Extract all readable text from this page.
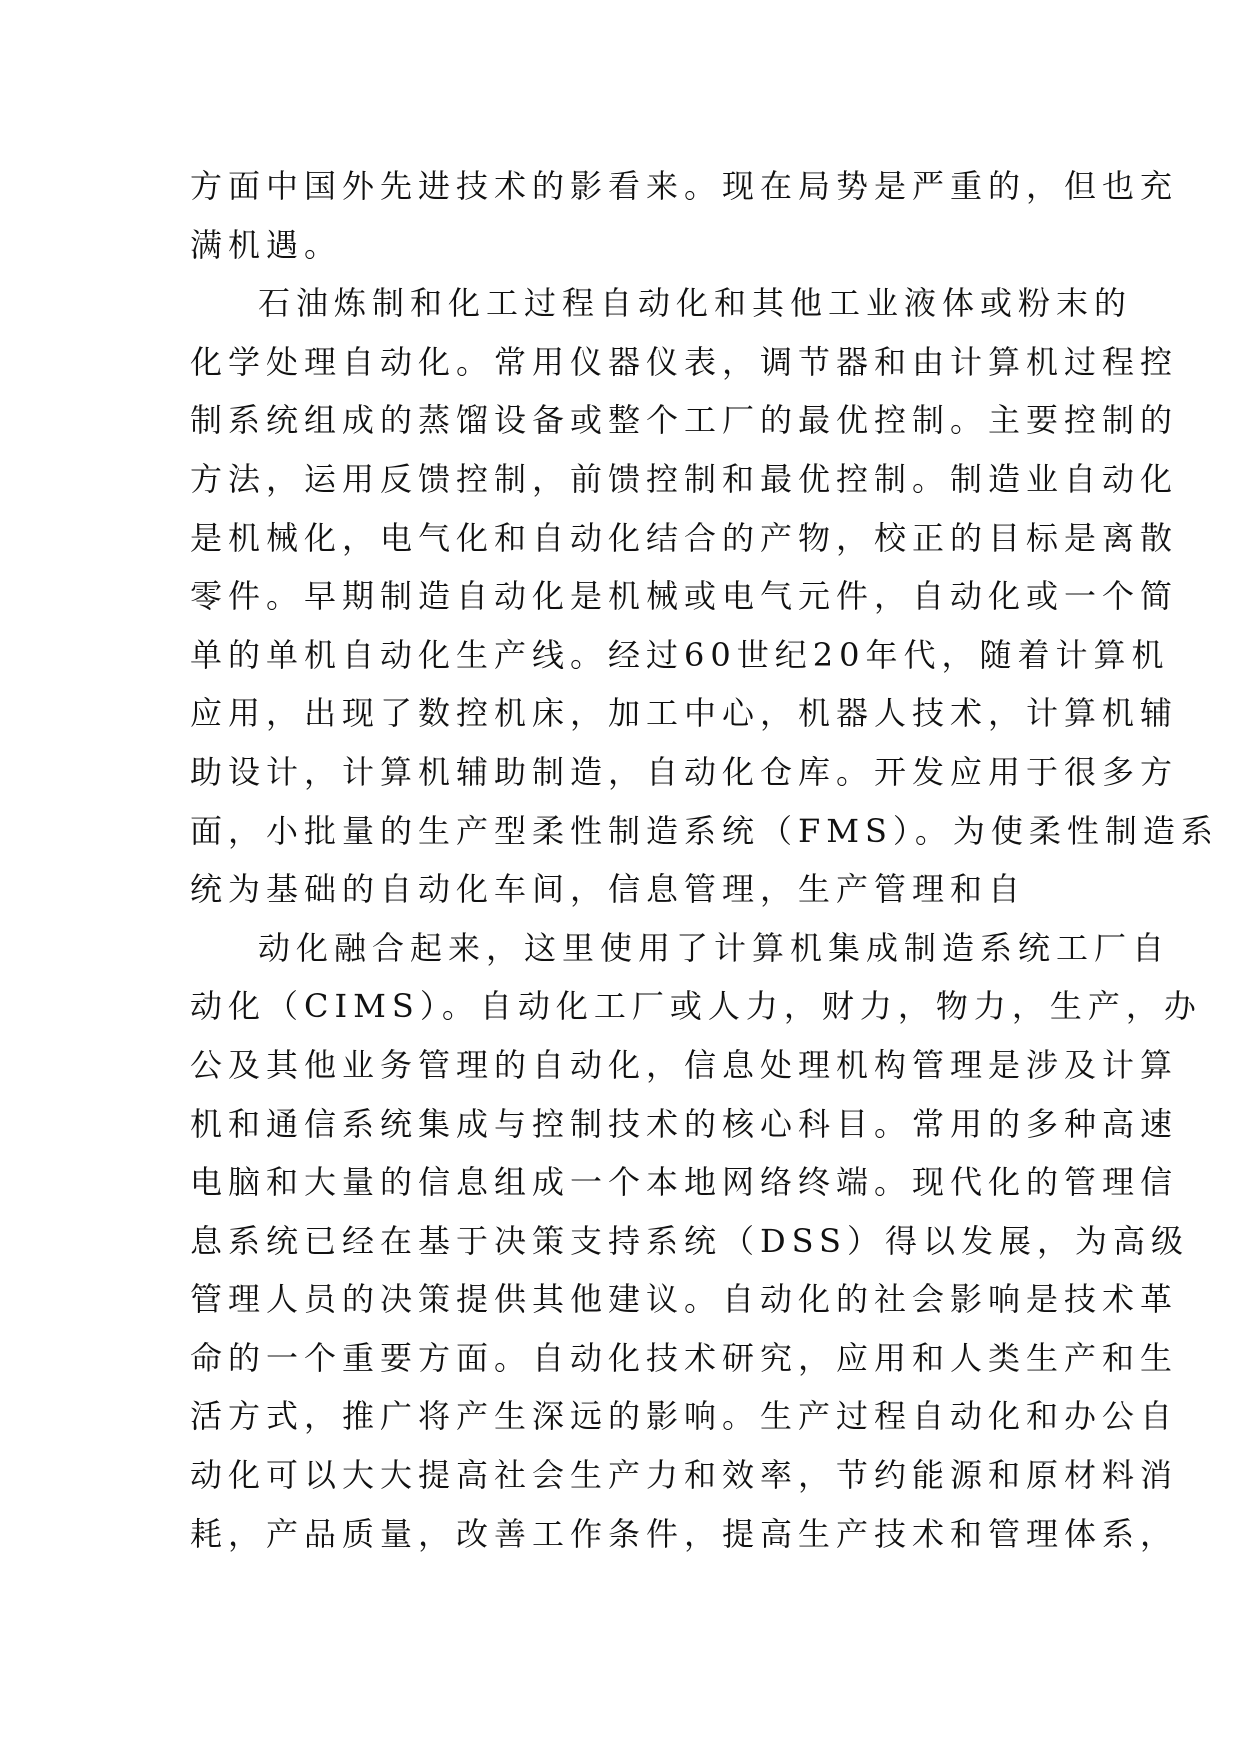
方面中国外先进技术的影看来。现在局势是严重的，但也充
满机遇。
石油炼制和化工过程自动化和其他工业液体或粉末的
化学处理自动化。常用仪器仪表，调节器和由计算机过程控
制系统组成的蒸馏设备或整个工厂的最优控制。主要控制的
方法，运用反馈控制，前馈控制和最优控制。制造业自动化
是机械化，电气化和自动化结合的产物，校正的目标是离散
零件。早期制造自动化是机械或电气元件，自动化或一个简
单的单机自动化生产线。经过60世纪20年代，随着计算机
应用，出现了数控机床，加工中心，机器人技术，计算机辅
助设计，计算机辅助制造，自动化仓库。开发应用于很多方
面，小批量的生产型柔性制造系统（FMS）。为使柔性制造系
统为基础的自动化车间，信息管理，生产管理和自
动化融合起来，这里使用了计算机集成制造系统工厂自
动化（CIMS）。自动化工厂或人力，财力，物力，生产，办
公及其他业务管理的自动化，信息处理机构管理是涉及计算
机和通信系统集成与控制技术的核心科目。常用的多种高速
电脑和大量的信息组成一个本地网络终端。现代化的管理信
息系统已经在基于决策支持系统（DSS）得以发展，为高级
管理人员的决策提供其他建议。自动化的社会影响是技术革
命的一个重要方面。自动化技术研究，应用和人类生产和生
活方式，推广将产生深远的影响。生产过程自动化和办公自
动化可以大大提高社会生产力和效率，节约能源和原材料消
耗，产品质量，改善工作条件，提高生产技术和管理体系，
